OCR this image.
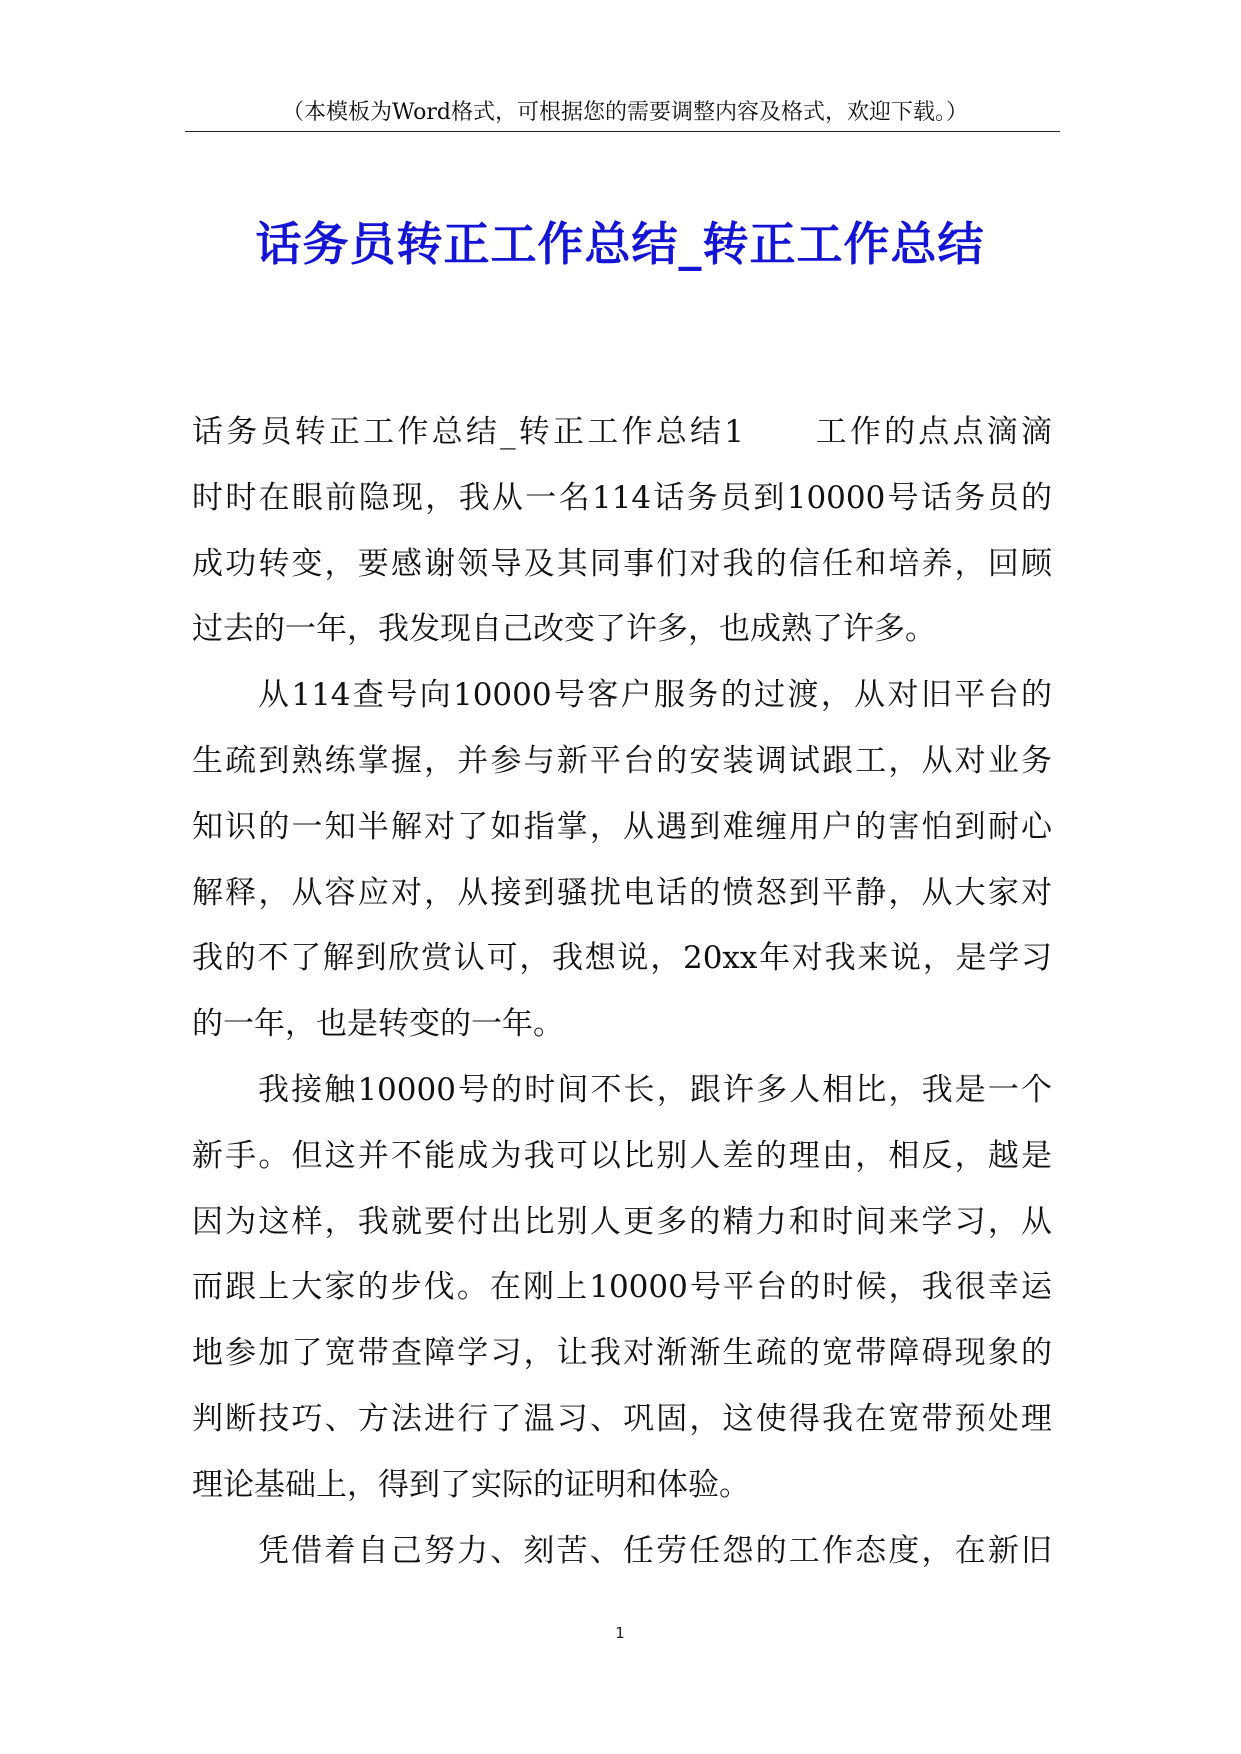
（本模板为Word格式，可根据您的需要调整内容及格式，欢迎下载。）
话务员转正工作总结_转正工作总结
话务员转正工作总结_转正工作总结1　　工作的点点滴滴
时时在眼前隐现，我从一名114话务员到10000号话务员的
成功转变，要感谢领导及其同事们对我的信任和培养，回顾
过去的一年，我发现自己改变了许多，也成熟了许多。
从114查号向10000号客户服务的过渡，从对旧平台的
生疏到熟练掌握，并参与新平台的安装调试跟工，从对业务
知识的一知半解对了如指掌，从遇到难缠用户的害怕到耐心
解释，从容应对，从接到骚扰电话的愤怒到平静，从大家对
我的不了解到欣赏认可，我想说，20xx年对我来说，是学习
的一年，也是转变的一年。
我接触10000号的时间不长，跟许多人相比，我是一个
新手。但这并不能成为我可以比别人差的理由，相反，越是
因为这样，我就要付出比别人更多的精力和时间来学习，从
而跟上大家的步伐。在刚上10000号平台的时候，我很幸运
地参加了宽带查障学习，让我对渐渐生疏的宽带障碍现象的
判断技巧、方法进行了温习、巩固，这使得我在宽带预处理
理论基础上，得到了实际的证明和体验。
凭借着自己努力、刻苦、任劳任怨的工作态度，在新旧
1
